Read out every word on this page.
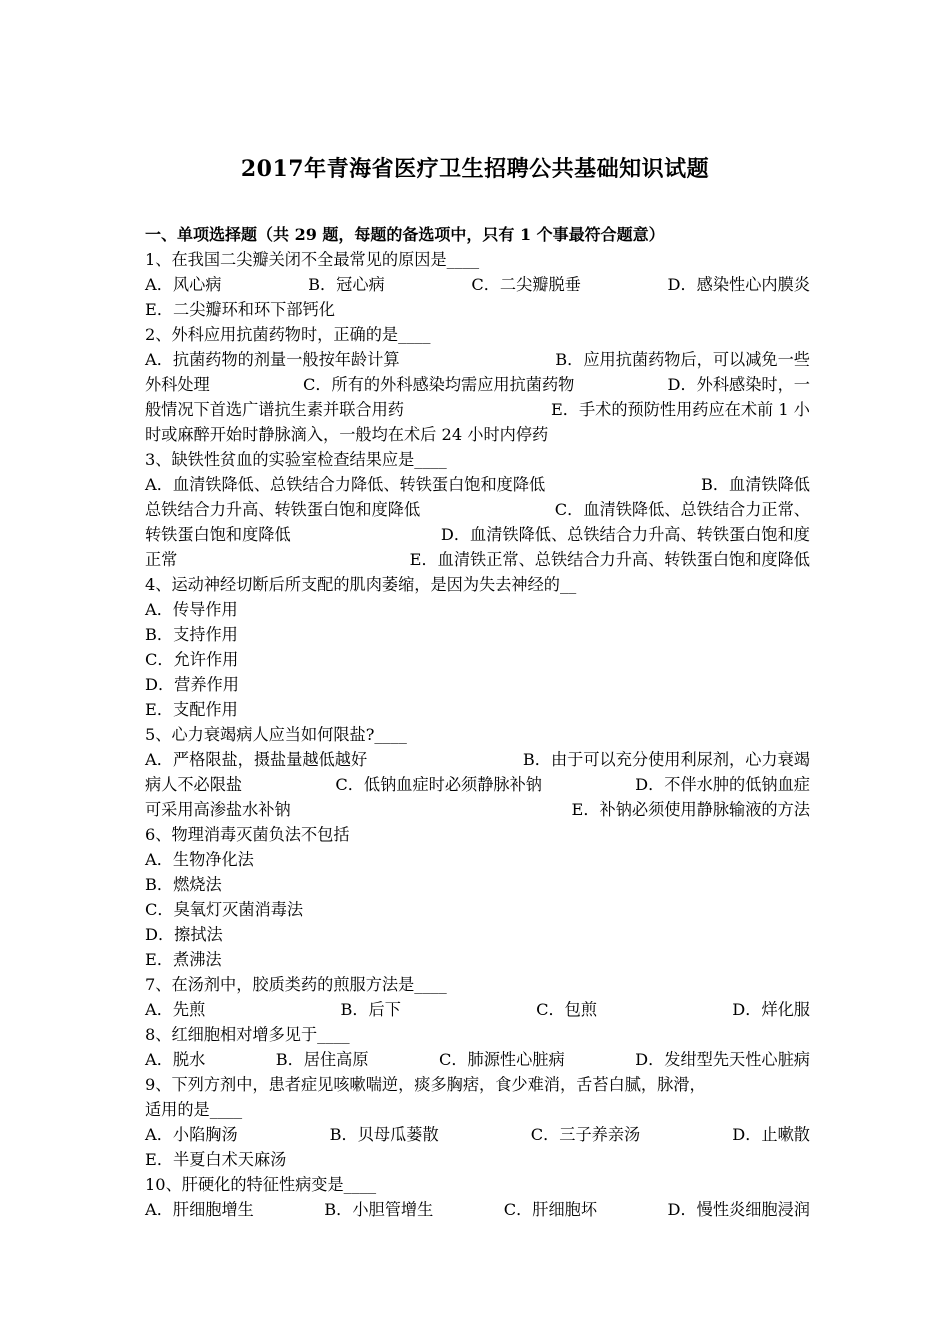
2017年青海省医疗卫生招聘公共基础知识试题
一、单项选择题（共 29 题，每题的备选项中，只有 1 个事最符合题意）
1、在我国二尖瓣关闭不全最常见的原因是____
A．风心病	B．冠心病	C．二尖瓣脱垂	D．感染性心内膜炎
E．二尖瓣环和环下部钙化
2、外科应用抗菌药物时，正确的是____
A．抗菌药物的剂量一般按年龄计算	B．应用抗菌药物后，可以减免一些
外科处理	C．所有的外科感染均需应用抗菌药物	D．外科感染时，一
般情况下首选广谱抗生素并联合用药	E．手术的预防性用药应在术前 1 小
时或麻醉开始时静脉滴入，一般均在术后 24 小时内停药
3、缺铁性贫血的实验室检查结果应是____
A．血清铁降低、总铁结合力降低、转铁蛋白饱和度降低	B．血清铁降低
总铁结合力升高、转铁蛋白饱和度降低	C．血清铁降低、总铁结合力正常、
转铁蛋白饱和度降低	D．血清铁降低、总铁结合力升高、转铁蛋白饱和度
正常	E．血清铁正常、总铁结合力升高、转铁蛋白饱和度降低
4、运动神经切断后所支配的肌肉萎缩，是因为失去神经的__
A．传导作用
B．支持作用
C．允许作用
D．营养作用
E．支配作用
5、心力衰竭病人应当如何限盐?____
A．严格限盐，摄盐量越低越好	B．由于可以充分使用利尿剂，心力衰竭
病人不必限盐	C．低钠血症时必须静脉补钠	D．不伴水肿的低钠血症
可采用高渗盐水补钠	E．补钠必须使用静脉输液的方法
6、物理消毒灭菌负法不包括
A．生物净化法
B．燃烧法
C．臭氧灯灭菌消毒法
D．擦拭法
E．煮沸法
7、在汤剂中，胶质类药的煎服方法是____
A．先煎	B．后下	C．包煎	D．烊化服
8、红细胞相对增多见于____
A．脱水	B．居住高原	C．肺源性心脏病	D．发绀型先天性心脏病
9、下列方剂中，患者症见咳嗽喘逆，痰多胸痞，食少难消，舌苔白腻，脉滑，
适用的是____
A．小陷胸汤	B．贝母瓜蒌散	C．三子养亲汤	D．止嗽散
E．半夏白术天麻汤
10、肝硬化的特征性病变是____
A．肝细胞增生	B．小胆管增生	C．肝细胞坏	D．慢性炎细胞浸润
